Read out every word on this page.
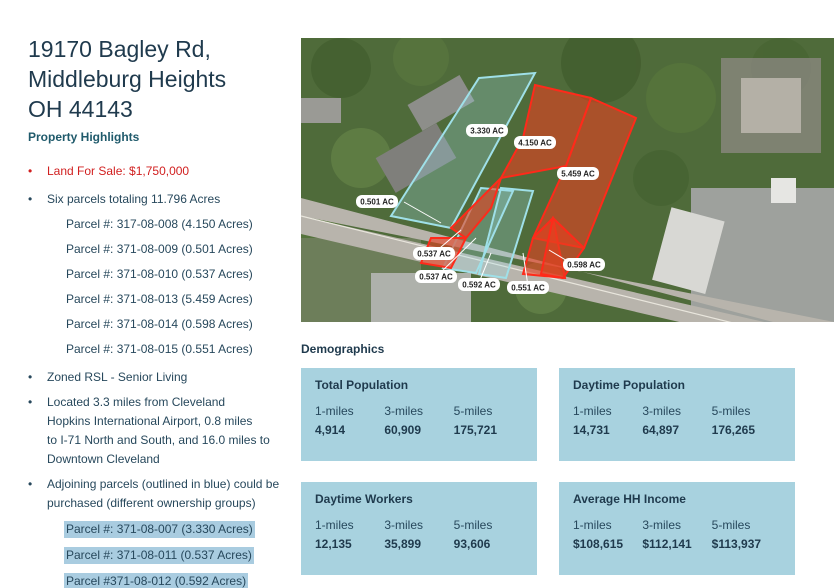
19170 Bagley Rd,
Middleburg Heights
OH 44143
Property Highlights
• Land For Sale: $1,750,000
• Six parcels totaling 11.796 Acres
Parcel #: 317-08-008 (4.150 Acres)
Parcel #: 371-08-009 (0.501 Acres)
Parcel #: 371-08-010 (0.537 Acres)
Parcel #: 371-08-013 (5.459 Acres)
Parcel #: 371-08-014 (0.598 Acres)
Parcel #: 371-08-015 (0.551 Acres)
• Zoned RSL - Senior Living
• Located 3.3 miles from Cleveland
Hopkins International Airport, 0.8 miles
to I-71 North and South, and 16.0 miles to
Downtown Cleveland
• Adjoining parcels (outlined in blue) could be
purchased (different ownership groups)
Parcel #: 371-08-007 (3.330 Acres)
Parcel #: 371-08-011 (0.537 Acres)
Parcel #371-08-012 (0.592 Acres)
3.330 AC
4.150 AC
5.459 AC
0.501 AC
0.537 AC
0.537 AC
0.592 AC 0.551 AC
0.598 AC
Demographics
Total Population
1-miles
4,914
3-miles
60,909
5-miles
175,721
Daytime Population
1-miles
14,731
3-miles
64,897
5-miles
176,265
Daytime Workers
1-miles
12,135
3-miles
35,899
5-miles
93,606
Average HH Income
1-miles
$108,615
3-miles
$112,141
5-miles
$113,937
